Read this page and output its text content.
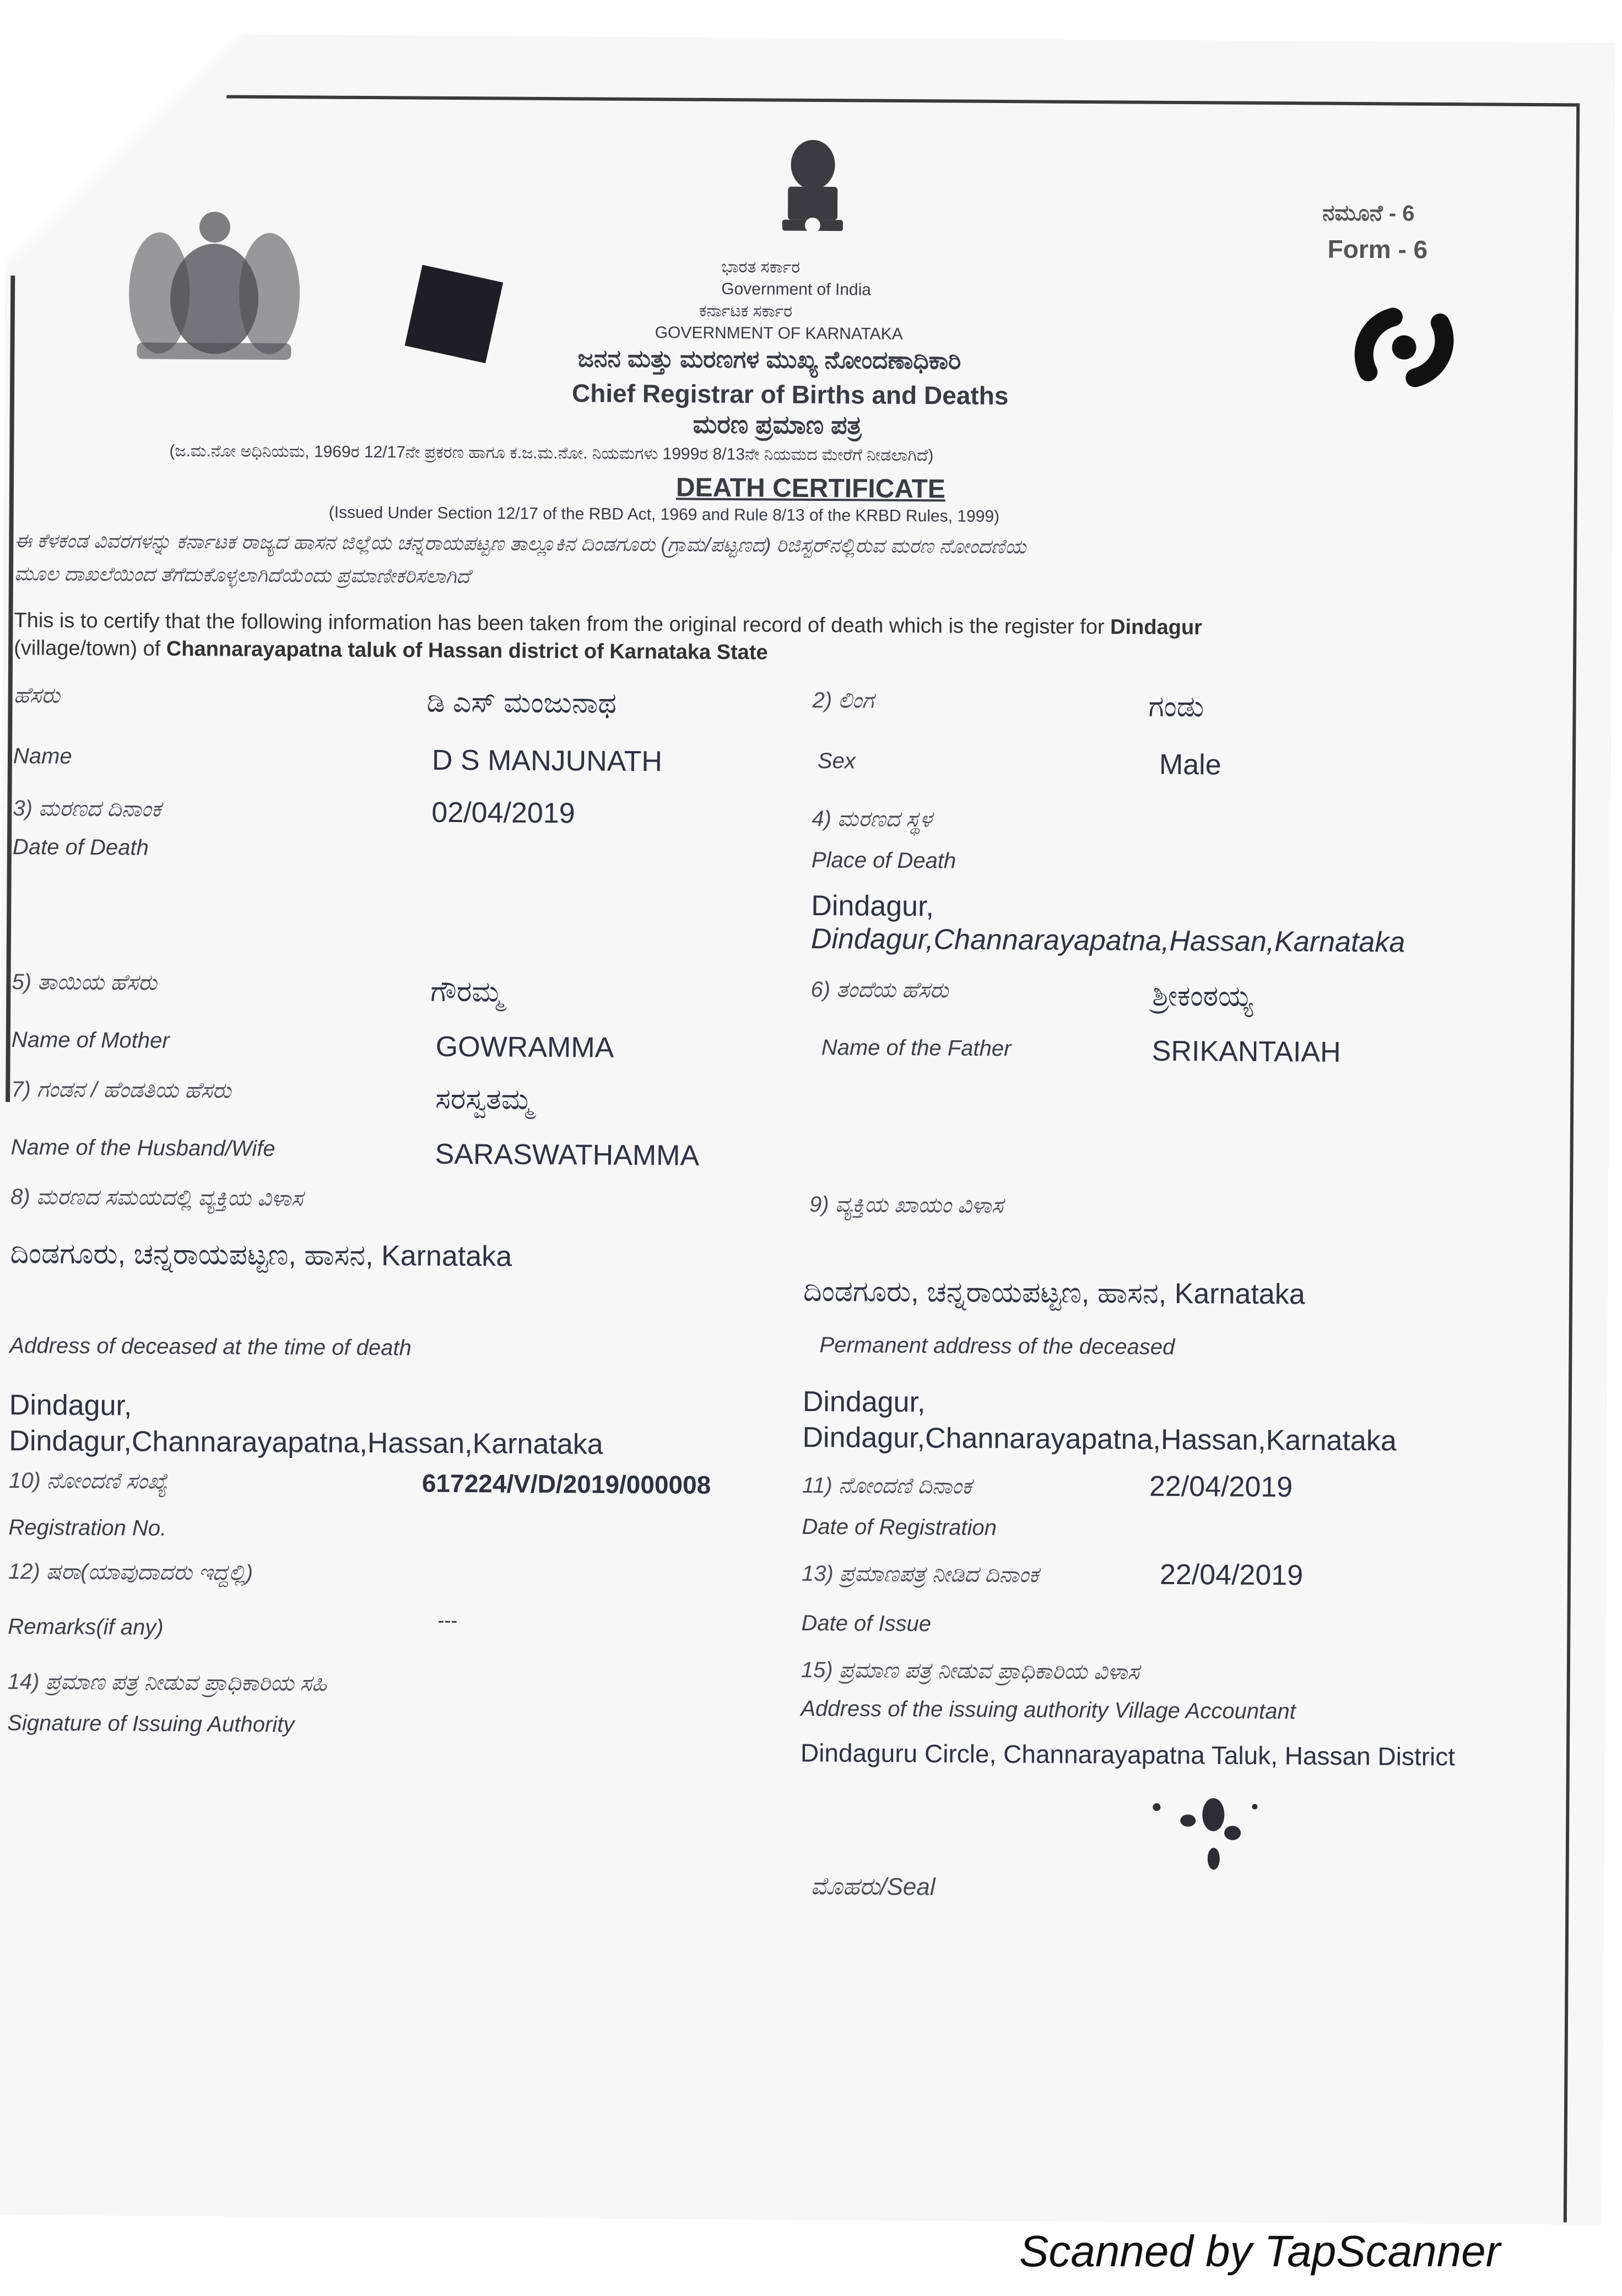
ನಮೂನೆ - 6
Form - 6
ಭಾರತ ಸರ್ಕಾರ
Government of India
ಕರ್ನಾಟಕ ಸರ್ಕಾರ
GOVERNMENT OF KARNATAKA
ಜನನ ಮತ್ತು ಮರಣಗಳ ಮುಖ್ಯ ನೋಂದಣಾಧಿಕಾರಿ
Chief Registrar of Births and Deaths
ಮರಣ ಪ್ರಮಾಣ ಪತ್ರ
(ಜ.ಮ.ನೋ ಅಧಿನಿಯಮ, 1969ರ 12/17ನೇ ಪ್ರಕರಣ ಹಾಗೂ ಕ.ಜ.ಮ.ನೋ. ನಿಯಮಗಳು 1999ರ 8/13ನೇ ನಿಯಮದ ಮೇರೆಗೆ ನೀಡಲಾಗಿದೆ)
DEATH CERTIFICATE
(Issued Under Section 12/17 of the RBD Act, 1969 and Rule 8/13 of the KRBD Rules, 1999)
ಈ ಕೆಳಕಂಡ ವಿವರಗಳನ್ನು ಕರ್ನಾಟಕ ರಾಜ್ಯದ ಹಾಸನ ಜಿಲ್ಲೆಯ ಚನ್ನರಾಯಪಟ್ಟಣ ತಾಲ್ಲೂಕಿನ ದಿಂಡಗೂರು (ಗ್ರಾಮ/ಪಟ್ಟಣದ) ರಿಜಿಸ್ಟರ್‌ನಲ್ಲಿರುವ ಮರಣ ನೋಂದಣಿಯ
ಮೂಲ ದಾಖಲೆಯಿಂದ ತೆಗೆದುಕೊಳ್ಳಲಾಗಿದೆಯೆಂದು ಪ್ರಮಾಣೀಕರಿಸಲಾಗಿದೆ
This is to certify that the following information has been taken from the original record of death which is the register for Dindagur
(village/town) of Channarayapatna taluk of Hassan district of Karnataka State
ಹೆಸರು
Name
ಡಿ ಎಸ್ ಮಂಜುನಾಥ
D S MANJUNATH
2) ಲಿಂಗ
Sex
ಗಂಡು
Male
3) ಮರಣದ ದಿನಾಂಕ
Date of Death
02/04/2019	4) ಮರಣದ ಸ್ಥಳ
Place of Death
Dindagur,
Dindagur,Channarayapatna,Hassan,Karnataka
5) ತಾಯಿಯ ಹೆಸರು
Name of Mother
ಗೌರಮ್ಮ
GOWRAMMA
6) ತಂದೆಯ ಹೆಸರು
Name of the Father
ಶ್ರೀಕಂಠಯ್ಯ
SRIKANTAIAH
7) ಗಂಡನ / ಹೆಂಡತಿಯ ಹೆಸರು
Name of the Husband/Wife
ಸರಸ್ವತಮ್ಮ
SARASWATHAMMA
8) ಮರಣದ ಸಮಯದಲ್ಲಿ ವ್ಯಕ್ತಿಯ ವಿಳಾಸ
ದಿಂಡಗೂರು, ಚನ್ನರಾಯಪಟ್ಟಣ, ಹಾಸನ, Karnataka
Address of deceased at the time of death
Dindagur,
Dindagur,Channarayapatna,Hassan,Karnataka
9) ವ್ಯಕ್ತಿಯ ಖಾಯಂ ವಿಳಾಸ
ದಿಂಡಗೂರು, ಚನ್ನರಾಯಪಟ್ಟಣ, ಹಾಸನ, Karnataka
Permanent address of the deceased
Dindagur,
Dindagur,Channarayapatna,Hassan,Karnataka
10) ನೋಂದಣಿ ಸಂಖ್ಯೆ
Registration No.
617224/V/D/2019/000008	11) ನೋಂದಣಿ ದಿನಾಂಕ
Date of Registration
22/04/2019
12) ಷರಾ(ಯಾವುದಾದರು ಇದ್ದಲ್ಲಿ)
Remarks(if any)	---
13) ಪ್ರಮಾಣಪತ್ರ ನೀಡಿದ ದಿನಾಂಕ
Date of Issue
22/04/2019
14) ಪ್ರಮಾಣ ಪತ್ರ ನೀಡುವ ಪ್ರಾಧಿಕಾರಿಯ ಸಹಿ
Signature of Issuing Authority
15) ಪ್ರಮಾಣ ಪತ್ರ ನೀಡುವ ಪ್ರಾಧಿಕಾರಿಯ ವಿಳಾಸ
Address of the issuing authority Village Accountant
Dindaguru Circle, Channarayapatna Taluk, Hassan District
ಮೊಹರು/Seal
Scanned by TapScanner
